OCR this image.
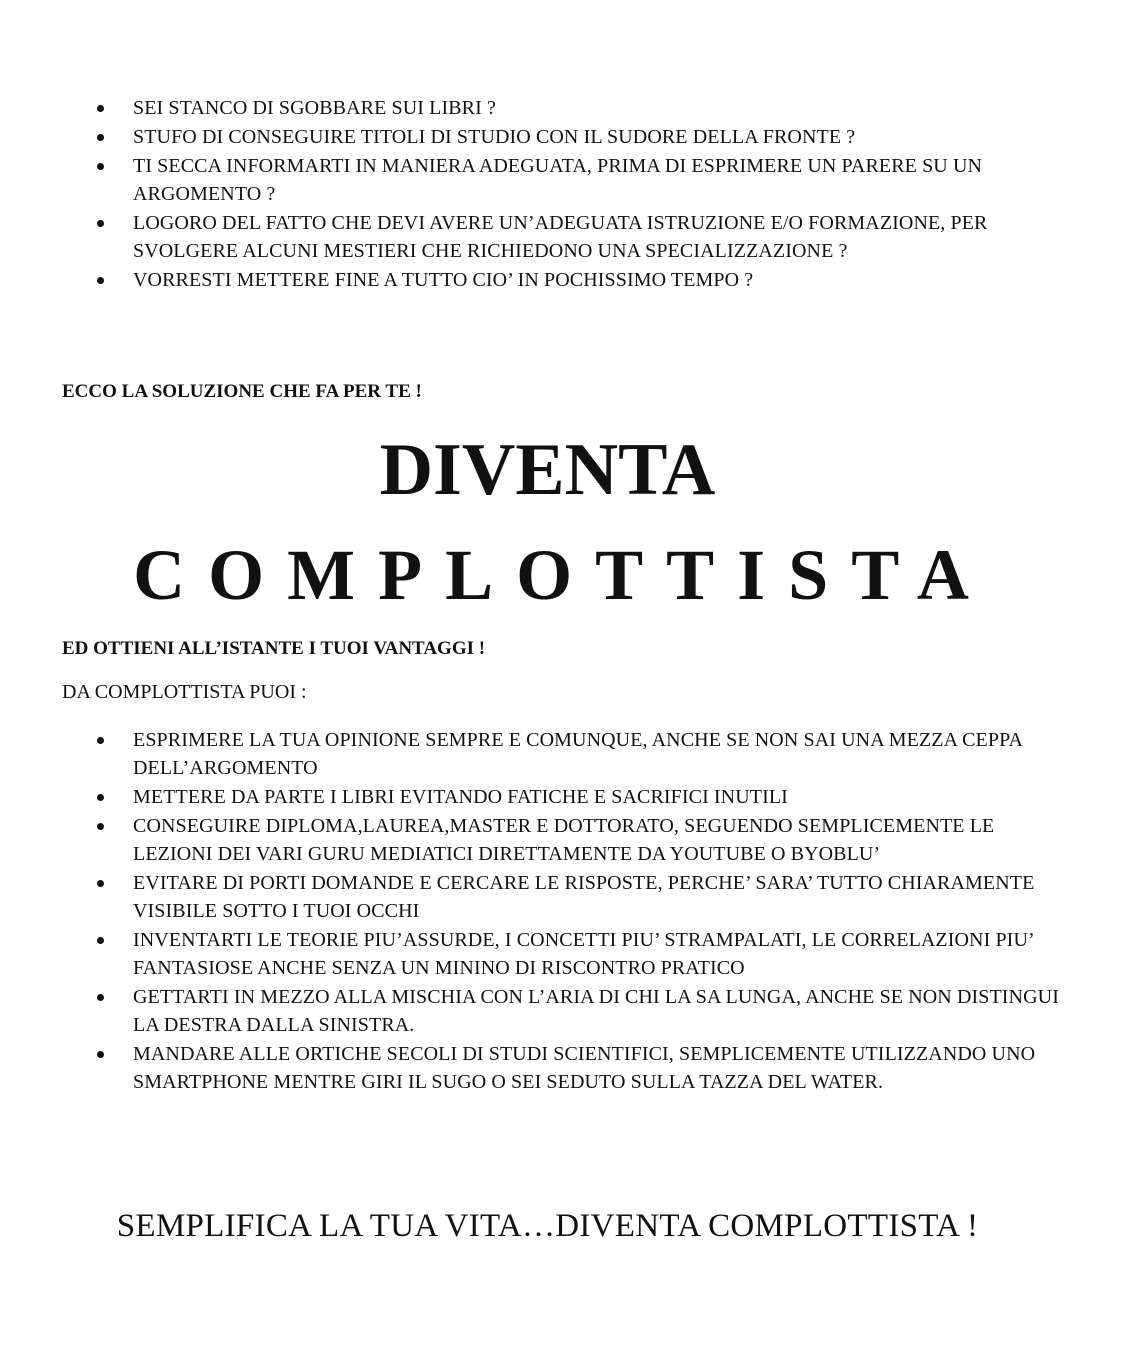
SEI STANCO DI SGOBBARE SUI LIBRI ?
STUFO DI CONSEGUIRE TITOLI DI STUDIO CON IL SUDORE DELLA FRONTE ?
TI SECCA INFORMARTI IN MANIERA ADEGUATA, PRIMA DI ESPRIMERE UN PARERE SU UN ARGOMENTO ?
LOGORO DEL FATTO CHE DEVI AVERE UN’ADEGUATA ISTRUZIONE E/O FORMAZIONE, PER SVOLGERE ALCUNI MESTIERI CHE RICHIEDONO UNA SPECIALIZZAZIONE ?
VORRESTI METTERE FINE A TUTTO CIO’ IN POCHISSIMO TEMPO ?
ECCO LA SOLUZIONE CHE FA PER TE !
DIVENTA
COMPLOTTISTA
ED OTTIENI ALL’ISTANTE I TUOI VANTAGGI !
DA COMPLOTTISTA PUOI :
ESPRIMERE LA TUA OPINIONE SEMPRE E COMUNQUE, ANCHE SE NON SAI UNA MEZZA CEPPA DELL’ARGOMENTO
METTERE DA PARTE I LIBRI EVITANDO FATICHE E SACRIFICI INUTILI
CONSEGUIRE DIPLOMA,LAUREA,MASTER E DOTTORATO, SEGUENDO SEMPLICEMENTE LE LEZIONI DEI VARI GURU MEDIATICI DIRETTAMENTE DA YOUTUBE O BYOBLU’
EVITARE DI PORTI DOMANDE E CERCARE LE RISPOSTE, PERCHE’ SARA’ TUTTO CHIARAMENTE VISIBILE SOTTO I TUOI OCCHI
INVENTARTI LE TEORIE PIU’ASSURDE, I CONCETTI PIU’ STRAMPALATI, LE CORRELAZIONI PIU’ FANTASIOSE ANCHE SENZA UN MININO DI RISCONTRO PRATICO
GETTARTI IN MEZZO ALLA MISCHIA CON L’ARIA DI CHI LA SA LUNGA, ANCHE SE NON DISTINGUI LA DESTRA DALLA SINISTRA.
MANDARE ALLE ORTICHE SECOLI DI STUDI SCIENTIFICI, SEMPLICEMENTE UTILIZZANDO UNO SMARTPHONE MENTRE GIRI IL SUGO O SEI SEDUTO SULLA TAZZA DEL WATER.
SEMPLIFICA LA TUA VITA…DIVENTA COMPLOTTISTA !
